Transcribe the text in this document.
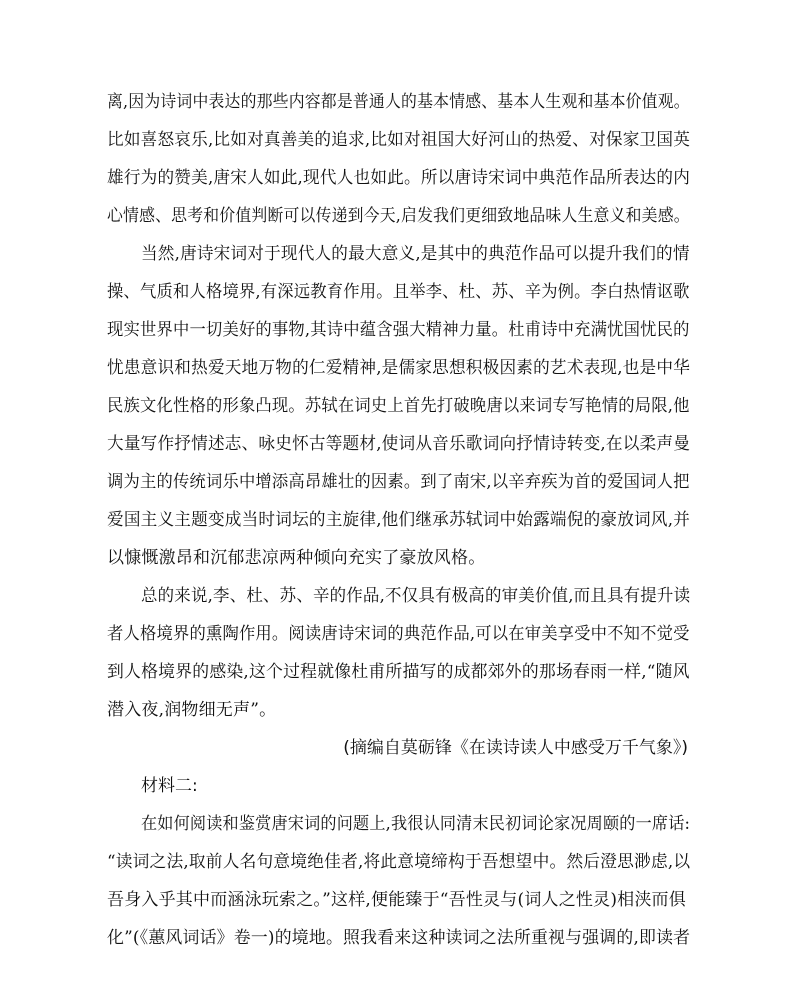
离,因为诗词中表达的那些内容都是普通人的基本情感、基本人生观和基本价值观。
比如喜怒哀乐,比如对真善美的追求,比如对祖国大好河山的热爱、对保家卫国英
雄行为的赞美,唐宋人如此,现代人也如此。所以唐诗宋词中典范作品所表达的内
心情感、思考和价值判断可以传递到今天,启发我们更细致地品味人生意义和美感。
当然,唐诗宋词对于现代人的最大意义,是其中的典范作品可以提升我们的情
操、气质和人格境界,有深远教育作用。且举李、杜、苏、辛为例。李白热情讴歌
现实世界中一切美好的事物,其诗中蕴含强大精神力量。杜甫诗中充满忧国忧民的
忧患意识和热爱天地万物的仁爱精神,是儒家思想积极因素的艺术表现,也是中华
民族文化性格的形象凸现。苏轼在词史上首先打破晚唐以来词专写艳情的局限,他
大量写作抒情述志、咏史怀古等题材,使词从音乐歌词向抒情诗转变,在以柔声曼
调为主的传统词乐中增添高昂雄壮的因素。到了南宋,以辛弃疾为首的爱国词人把
爱国主义主题变成当时词坛的主旋律,他们继承苏轼词中始露端倪的豪放词风,并
以慷慨激昂和沉郁悲凉两种倾向充实了豪放风格。
总的来说,李、杜、苏、辛的作品,不仅具有极高的审美价值,而且具有提升读
者人格境界的熏陶作用。阅读唐诗宋词的典范作品,可以在审美享受中不知不觉受
到人格境界的感染,这个过程就像杜甫所描写的成都郊外的那场春雨一样,“随风
潜入夜,润物细无声”。
(摘编自莫砺锋《在读诗读人中感受万千气象》)
材料二:
在如何阅读和鉴赏唐宋词的问题上,我很认同清末民初词论家况周颐的一席话:
“读词之法,取前人名句意境绝佳者,将此意境缔构于吾想望中。然后澄思渺虑,以
吾身入乎其中而涵泳玩索之。”这样,便能臻于“吾性灵与(词人之性灵)相浃而俱
化”(《蕙风词话》卷一)的境地。照我看来这种读词之法所重视与强调的,即读者
